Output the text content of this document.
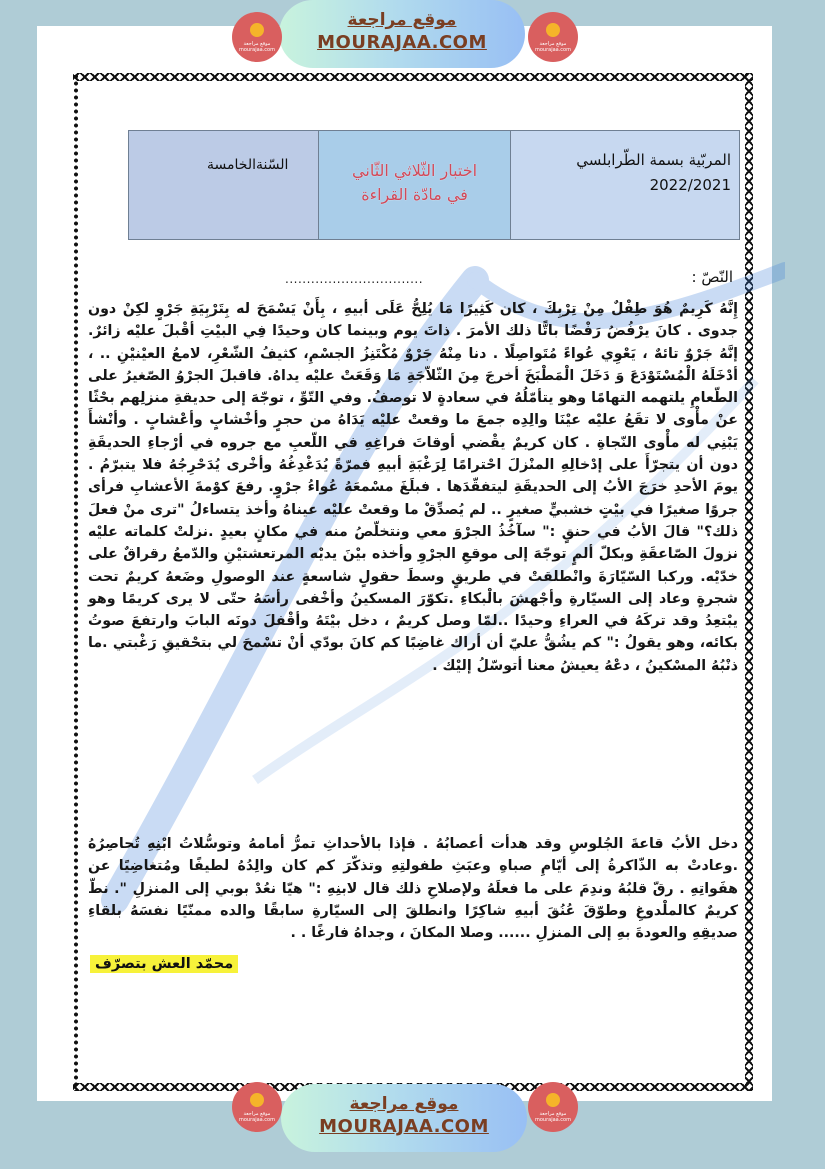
موقع مراجعة
MOURAJAA.COM
موقع مراجعة
mourajaa.com
موقع مراجعة
mourajaa.com
المربّية بسمة الطّرابلسي
2022/2021
اختبار الثّلاثي الثّاني
في مادّة القراءة
السّنةالخامسة
النّصّ :
................................
إِنَّهُ كَرِيمٌ هُوَ طِفْلٌ مِنْ تِرْبِكَ ، كان كَثِيرًا مَا يُلِحُّ عَلَى أبيهِ ، بِأَنْ يَسْمَحَ له بِتَرْبِيَةِ جَرْوٍ لكِنْ دون جدوى . كانَ يرْفُضُ رَفْضًا باتًّا ذلك الأمرَ . ذاتَ يوم وبينما كان وحيدًا فِي البيْتِ أقْبلَ عليْه زائرٌ. إنَّهُ جَرْوٌ تائهٌ ، يَعْوِي عُواءً مُتَواصِلًا . دنا مِنْهُ جَرْوٌ مُكْتَنِزُ الجسْمِ، كثيفُ الشّعْرِ، لامعُ العيْنيْنِ .. ، أدْخَلَهُ الْمُسْتَوْدَعَ وَ دَخَلَ الْمَطْبَخَ أخرجَ مِنَ الثّلاّجَةِ مَا وَقَعَتْ عليْه يداهُ. فاقبلَ الجرْوُ الصّغيرُ على الطّعامِ يلتهمه التهامًا وهو يتأمّلُهُ في سعادةٍ لا توصفُ. وفي التّوِّ ، توجّهَ إلى حديقةِ منزلِهم بحْثًا عنْ مأْوى لا تقَعُ عليْه عيْنَا والِدِه جمعَ ما وقعتْ عليْه يَدَاهُ من حجرٍ وأخْشابٍ وأعْشابٍ . وأنْشأَ يَبْنِي له مأْوى النّجاةِ . كان كريمٌ يقْضي أوقاتَ فراغِهِ في اللّعبِ مع جروه في أرْجاءِ الحديقَةِ دون أن يتجرّأَ على إدْخالِهِ المنْزلَ احْترامًا لِرَغْبَةِ أبيهِ فمرّةً يُدَغْدِغُهُ وأخْرى يُدَحْرِجُهُ فلا يتبرّمُ . يومَ الأحدِ خرَجَ الأبُ إلى الحديقَةِ ليتفقّدَها . فبلَغَ مسْمعَهُ عُواءُ جرْوٍ. رفعَ كوْمةَ الأعشابِ فرأى جروًا صغيرًا في بيْتٍ خشبيٍّ صغيرٍ .. لم يُصدِّقْ ما وقعتْ عليْه عيناهُ وأخذ يتساءلُ "ترى منْ فعلَ ذلك؟" قالَ الأبُ في حنقٍ :" سآخُذُ الجرْوَ معي ونتخلّصُ منه في مكانٍ بعيدٍ .نزلتْ كلماته عليْه نزولَ الصّاعقَةِ وبكلّ ألمٍ توجّهَ إلى موقعِ الجرْوِ وأخذه بيْنَ يديْه المرتعشتيْنِ والدّمعُ رقراقٌ على خدّيْه. وركبا السّيّارَةَ وانْطلقتْ في طريقٍ وسطَ حقولٍ شاسعةٍ عند الوصولِ وضَعهُ كريمٌ تحت شجرةٍ وعاد إلى السيّارةِ وأجْهشَ بالْبكاءِ .تكوّرَ المسكينُ وأخْفى رأسَهُ حتّى لا يرى كريمًا وهو يبْتعِدُ وقد تركَهُ في العراءِ وحيدًا ..لمّا وصل كريمٌ ، دخل بيْتَهُ وأقْفلَ دونَه البابَ وارتفعَ صوتُ بكائه، وهو يقولُ :" كم يشُقُّ عليّ أن أراك غاضِبًا كم كانَ بودّي أنْ تسْمحَ لي بتحْقيقِ رَغْبتي .ما ذنْبُهُ المسْكينُ ، دعْهُ يعيشُ معنا أتوسّلُ إليْك .
دخل الأبُ قاعةَ الجُلوسِ وقد هدأت أعصابُهُ . فإذا بالأحداثِ تمرُّ أمامهُ وتوسُّلاتُ ابْنِهِ تُحاصِرُهُ .وعادتْ به الذّاكرةُ إلى أيّامِ صباهِ وعبَثِ طفولتِهِ وتذكّرَ كم كان والِدُهُ لطيفًا ومُتغاضِيًا عن هفَواتِهِ . رقّ قلبُهُ وندِمَ على ما فعلَهُ ولإصلاحِ ذلك قال لابنِهِ :" هيّا نعُدْ بوبي إلى المنزلِ ". نطّ كريمٌ كالملْدوغِ وطوّقَ عُنُقَ أبيهِ شاكِرًا وانطلقَ إلى السيّارةِ سابقًا والده ممنّيًا نفسَهُ بلقاءِ صديقِهِ والعودةَ بهِ إلى المنزلِ ...... وصلا المكانَ ، وجداهُ فارغًا . .
محمّد العش بتصرّف
موقع مراجعة
MOURAJAA.COM
موقع مراجعة
mourajaa.com
موقع مراجعة
mourajaa.com
